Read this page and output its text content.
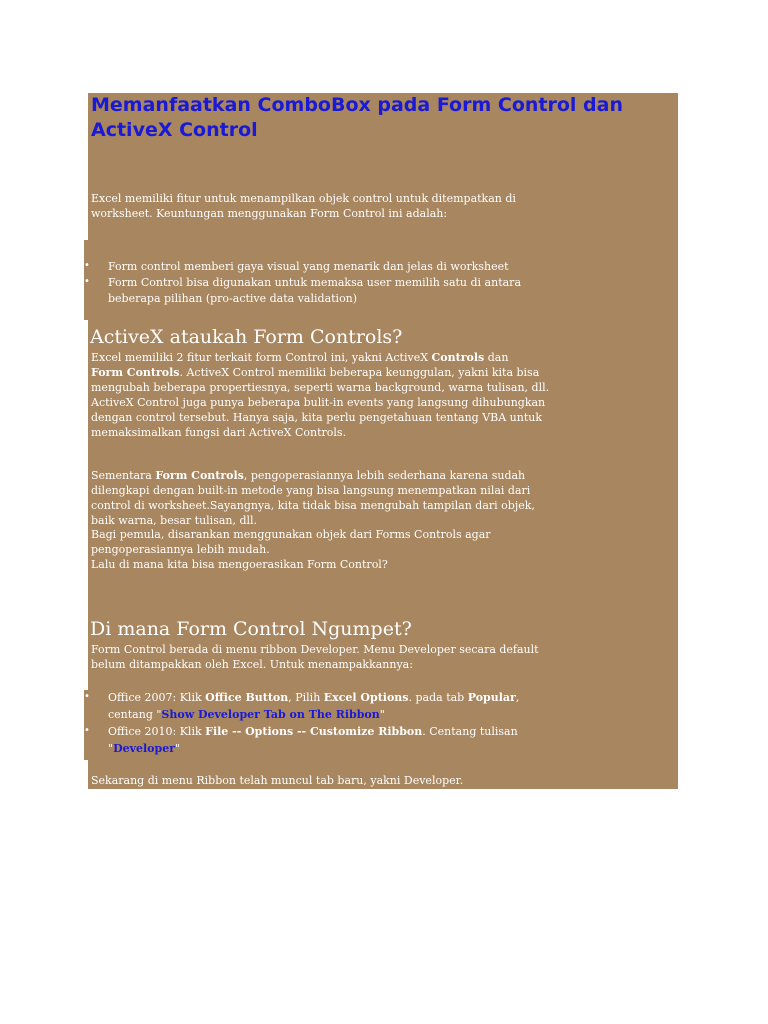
Memanfaatkan ComboBox pada Form Control dan ActiveX Control

Excel memiliki fitur untuk menampilkan objek control untuk ditempatkan di

worksheet. Keuntungan menggunakan Form Control ini adalah:

• Form control memberi gaya visual yang menarik dan jelas di worksheet

• Form Control bisa digunakan untuk memaksa user memilih satu di antara

beberapa pilihan (pro-active data validation)

ActiveX ataukah Form Controls?

Excel memiliki 2 fitur terkait form Control ini, yakni ActiveX Controls dan

Form Controls. ActiveX Control memiliki beberapa keunggulan, yakni kita bisa

mengubah beberapa propertiesnya, seperti warna background, warna tulisan, dll.

ActiveX Control juga punya beberapa bulit-in events yang langsung dihubungkan

dengan control tersebut. Hanya saja, kita perlu pengetahuan tentang VBA untuk

memaksimalkan fungsi dari ActiveX Controls.

Sementara Form Controls, pengoperasiannya lebih sederhana karena sudah

dilengkapi dengan built-in metode yang bisa langsung menempatkan nilai dari

control di worksheet.Sayangnya, kita tidak bisa mengubah tampilan dari objek,

baik warna, besar tulisan, dll.

Bagi pemula, disarankan menggunakan objek dari Forms Controls agar

pengoperasiannya lebih mudah.

Lalu di mana kita bisa mengoerasikan Form Control?

Di mana Form Control Ngumpet?

Form Control berada di menu ribbon Developer. Menu Developer secara default

belum ditampakkan oleh Excel. Untuk menampakkannya:

• Office 2007: Klik Office Button, Pilih Excel Options. pada tab Popular,

centang "Show Developer Tab on The Ribbon"

• Office 2010: Klik File -- Options -- Customize Ribbon. Centang tulisan

"Developer"

Sekarang di menu Ribbon telah muncul tab baru, yakni Developer.
